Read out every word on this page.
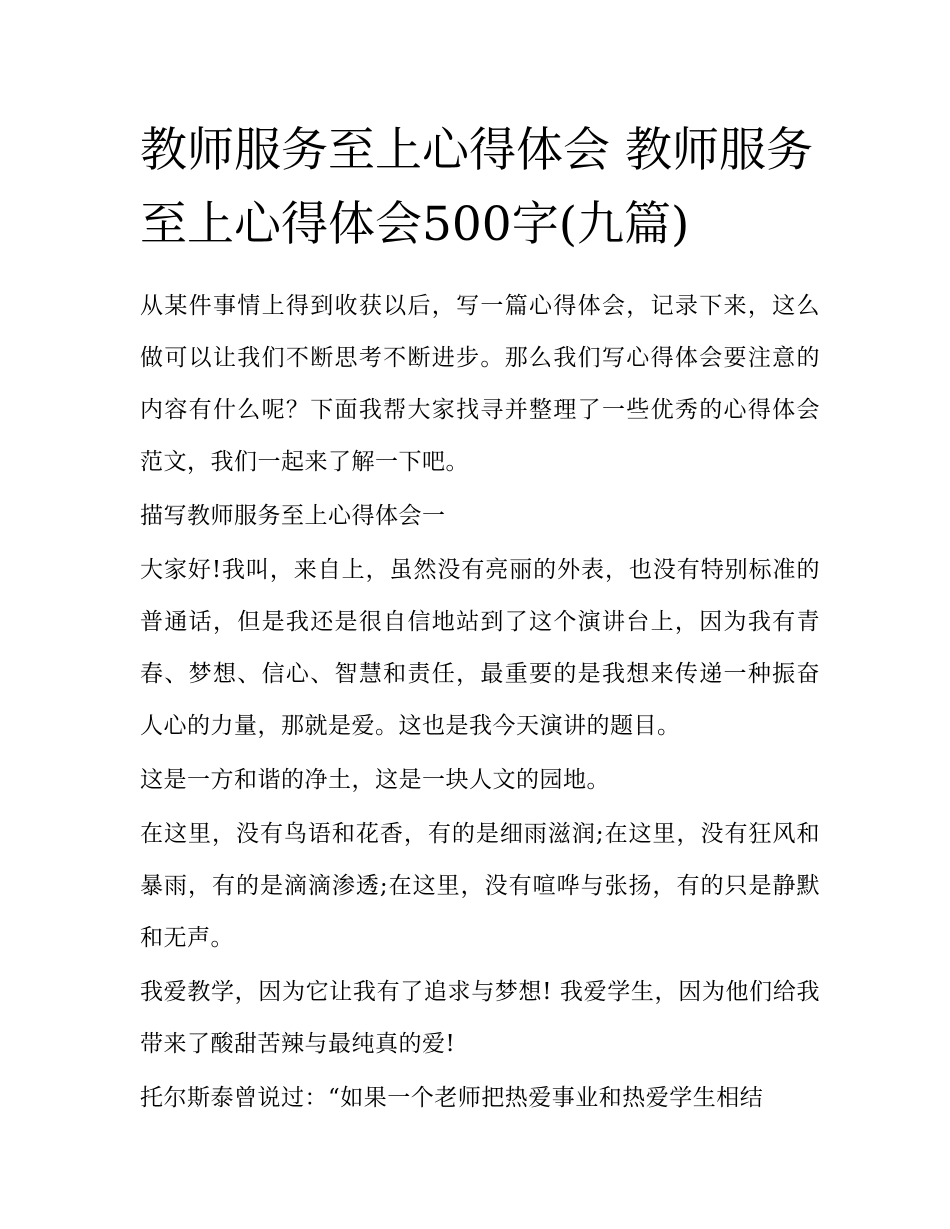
教师服务至上心得体会 教师服务至上心得体会500字(九篇)

从某件事情上得到收获以后，写一篇心得体会，记录下来，这么做可以让我们不断思考不断进步。那么我们写心得体会要注意的内容有什么呢？下面我帮大家找寻并整理了一些优秀的心得体会范文，我们一起来了解一下吧。

描写教师服务至上心得体会一

大家好!我叫，来自上，虽然没有亮丽的外表，也没有特别标准的普通话，但是我还是很自信地站到了这个演讲台上，因为我有青春、梦想、信心、智慧和责任，最重要的是我想来传递一种振奋人心的力量，那就是爱。这也是我今天演讲的题目。

这是一方和谐的净土，这是一块人文的园地。

在这里，没有鸟语和花香，有的是细雨滋润;在这里，没有狂风和暴雨，有的是滴滴渗透;在这里，没有喧哗与张扬，有的只是静默和无声。

我爱教学，因为它让我有了追求与梦想! 我爱学生，因为他们给我带来了酸甜苦辣与最纯真的爱!

托尔斯泰曾说过：“如果一个老师把热爱事业和热爱学生相结
